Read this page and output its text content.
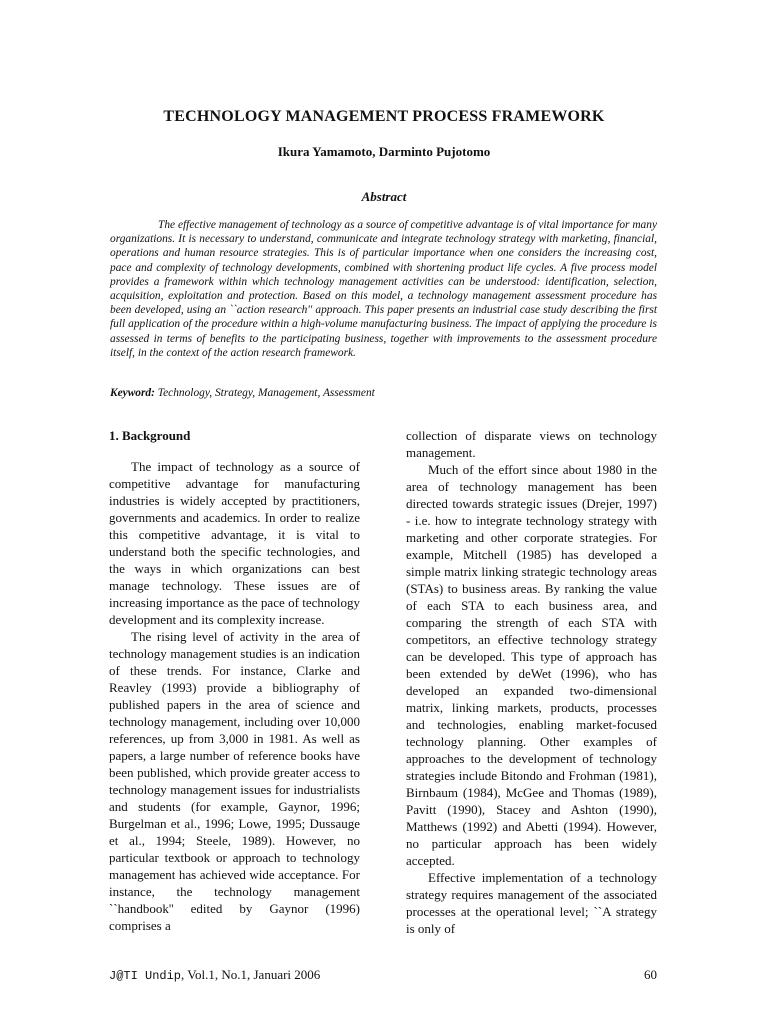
TECHNOLOGY MANAGEMENT PROCESS FRAMEWORK
Ikura Yamamoto, Darminto Pujotomo
Abstract

The effective management of technology as a source of competitive advantage is of vital importance for many organizations. It is necessary to understand, communicate and integrate technology strategy with marketing, financial, operations and human resource strategies. This is of particular importance when one considers the increasing cost, pace and complexity of technology developments, combined with shortening product life cycles. A five process model provides a framework within which technology management activities can be understood: identification, selection, acquisition, exploitation and protection. Based on this model, a technology management assessment procedure has been developed, using an ``action research'' approach. This paper presents an industrial case study describing the first full application of the procedure within a high-volume manufacturing business. The impact of applying the procedure is assessed in terms of benefits to the participating business, together with improvements to the assessment procedure itself, in the context of the action research framework.

Keyword: Technology, Strategy, Management, Assessment

1. Background

The impact of technology as a source of competitive advantage for manufacturing industries is widely accepted by practitioners, governments and academics. In order to realize this competitive advantage, it is vital to understand both the specific technologies, and the ways in which organizations can best manage technology. These issues are of increasing importance as the pace of technology development and its complexity increase.

The rising level of activity in the area of technology management studies is an indication of these trends. For instance, Clarke and Reavley (1993) provide a bibliography of published papers in the area of science and technology management, including over 10,000 references, up from 3,000 in 1981. As well as papers, a large number of reference books have been published, which provide greater access to technology management issues for industrialists and students (for example, Gaynor, 1996; Burgelman et al., 1996; Lowe, 1995; Dussauge et al., 1994; Steele, 1989). However, no particular textbook or approach to technology management has achieved wide acceptance. For instance, the technology management ``handbook'' edited by Gaynor (1996) comprises a

collection of disparate views on technology management.

Much of the effort since about 1980 in the area of technology management has been directed towards strategic issues (Drejer, 1997) - i.e. how to integrate technology strategy with marketing and other corporate strategies. For example, Mitchell (1985) has developed a simple matrix linking strategic technology areas (STAs) to business areas. By ranking the value of each STA to each business area, and comparing the strength of each STA with competitors, an effective technology strategy can be developed. This type of approach has been extended by deWet (1996), who has developed an expanded two-dimensional matrix, linking markets, products, processes and technologies, enabling market-focused technology planning. Other examples of approaches to the development of technology strategies include Bitondo and Frohman (1981), Birnbaum (1984), McGee and Thomas (1989), Pavitt (1990), Stacey and Ashton (1990), Matthews (1992) and Abetti (1994). However, no particular approach has been widely accepted.

Effective implementation of a technology strategy requires management of the associated processes at the operational level; ``A strategy is only of

J@TI Undip, Vol.1, No.1, Januari 2006	60
